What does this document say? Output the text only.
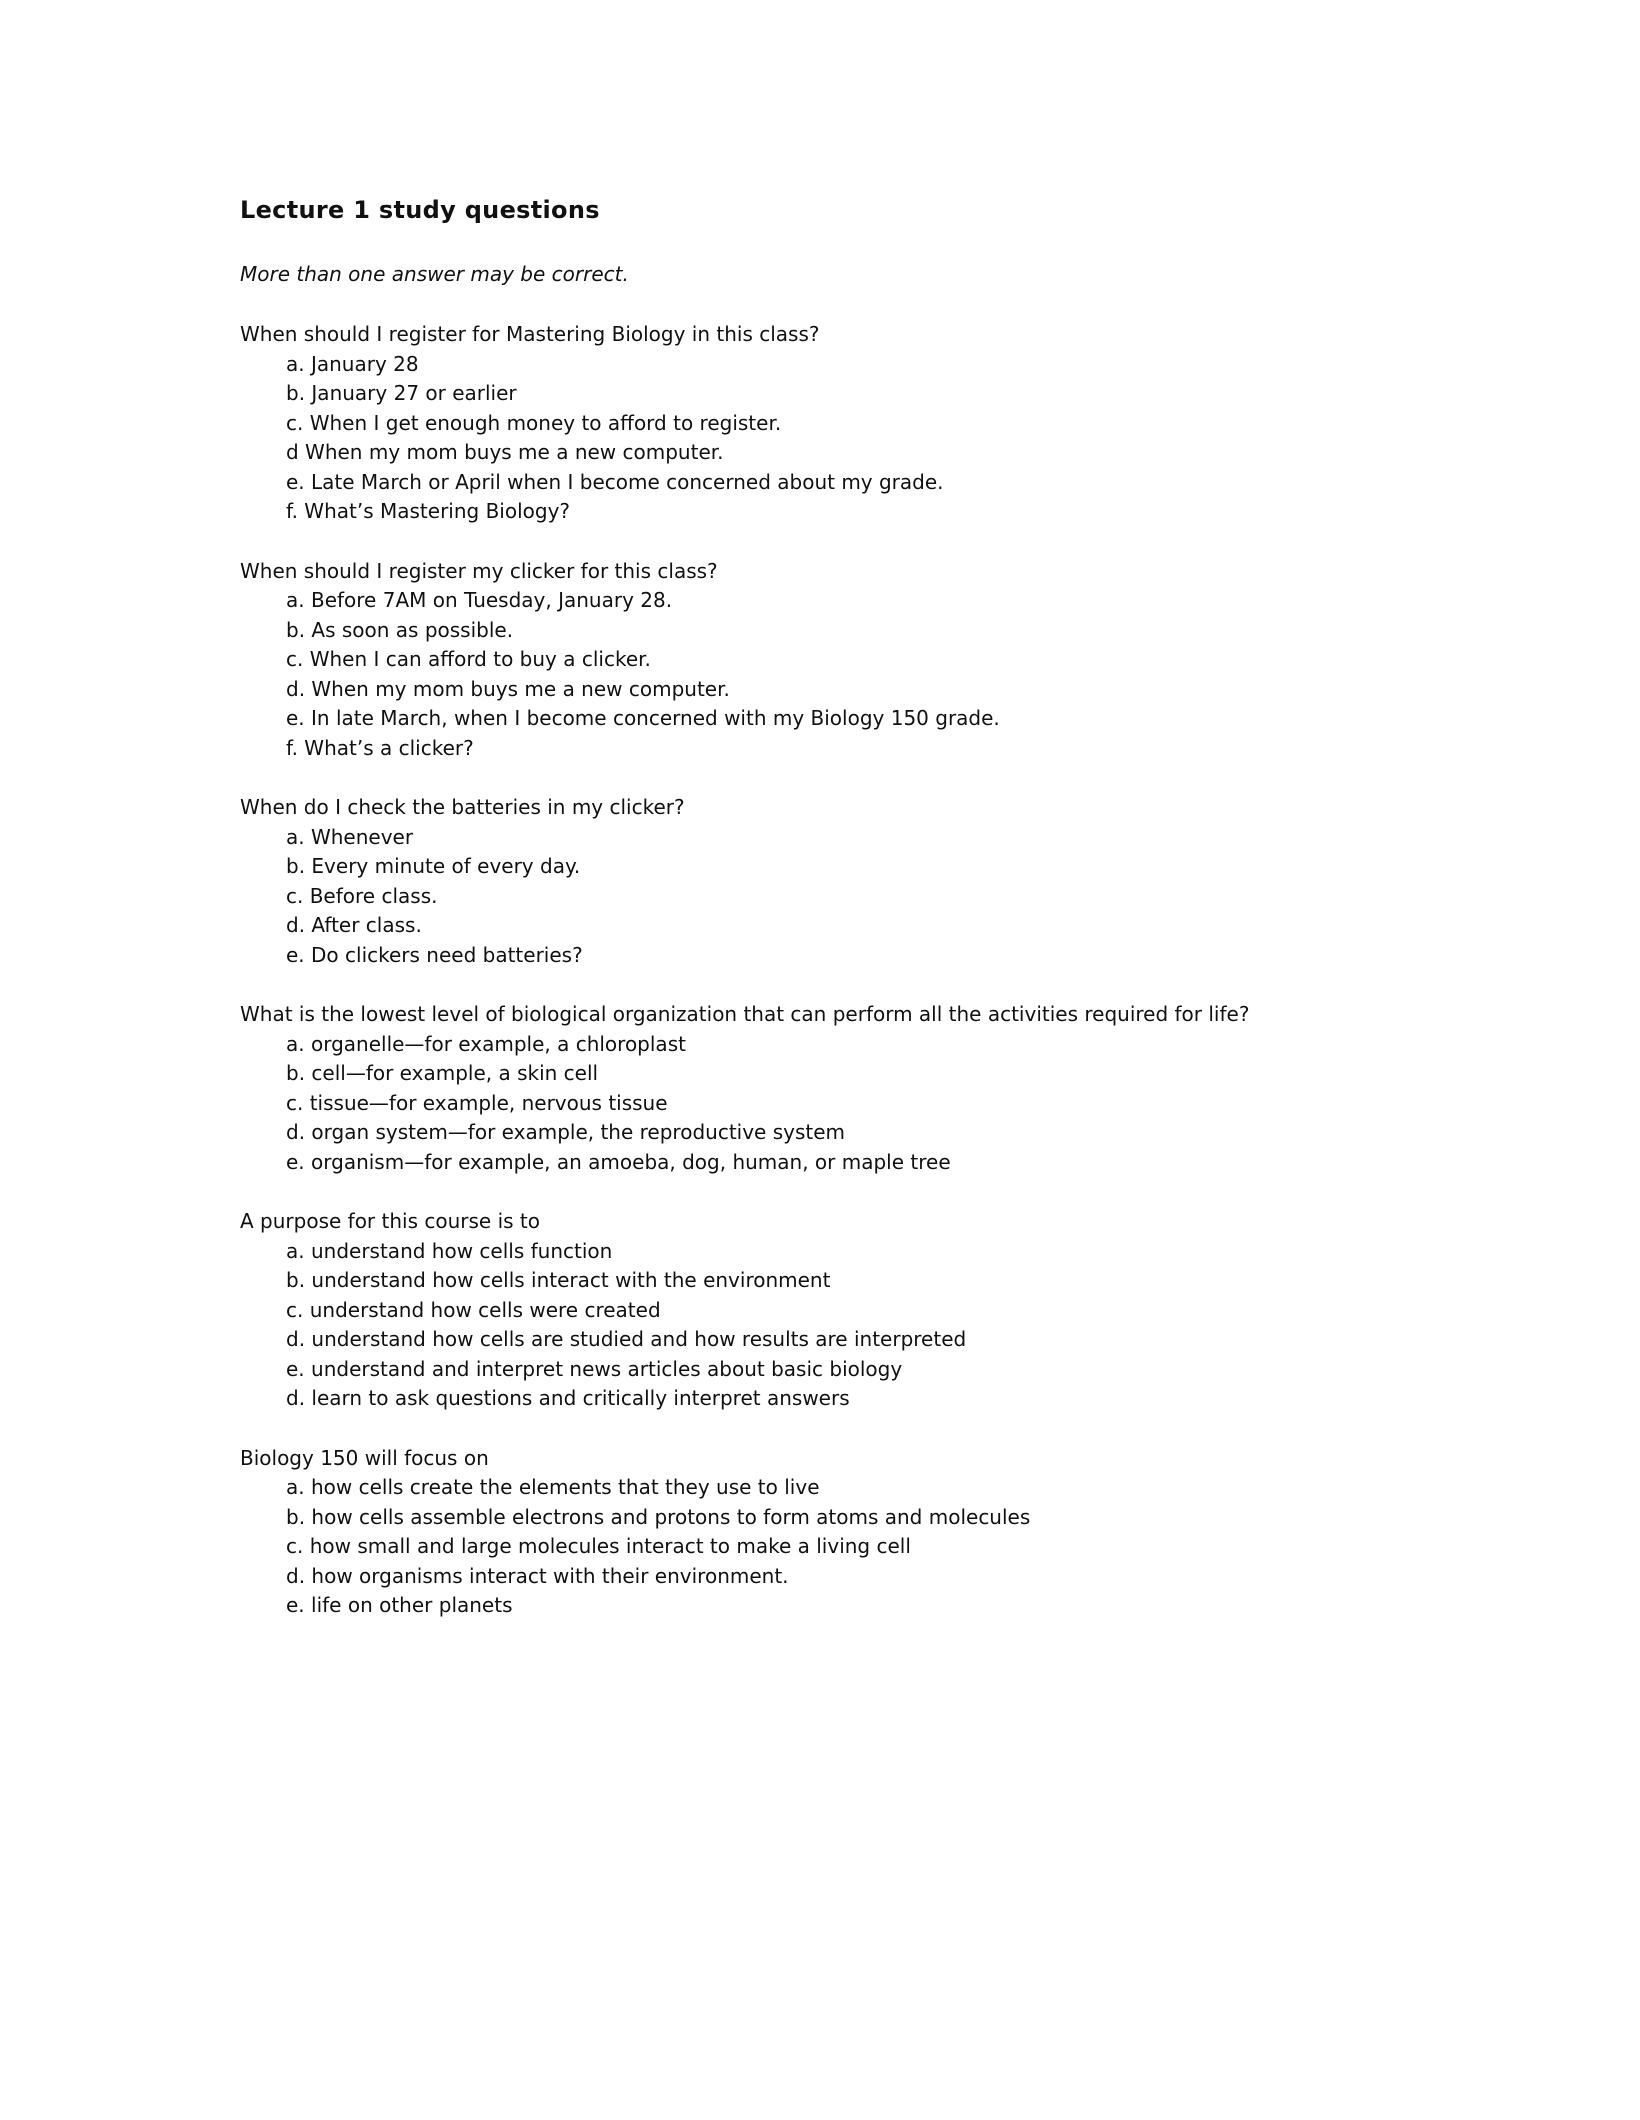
Lecture 1 study questions

More than one answer may be correct.

When should I register for Mastering Biology in this class?
a. January 28
b. January 27 or earlier
c. When I get enough money to afford to register.
d When my mom buys me a new computer.
e. Late March or April when I become concerned about my grade.
f. What’s Mastering Biology?
When should I register my clicker for this class?
a. Before 7AM on Tuesday, January 28.
b. As soon as possible.
c. When I can afford to buy a clicker.
d. When my mom buys me a new computer.
e. In late March, when I become concerned with my Biology 150 grade.
f. What’s a clicker?
When do I check the batteries in my clicker?
a. Whenever
b. Every minute of every day.
c. Before class.
d. After class.
e. Do clickers need batteries?
What is the lowest level of biological organization that can perform all the activities required for life?
a. organelle—for example, a chloroplast
b. cell—for example, a skin cell
c. tissue—for example, nervous tissue
d. organ system—for example, the reproductive system
e. organism—for example, an amoeba, dog, human, or maple tree
A purpose for this course is to
a. understand how cells function
b. understand how cells interact with the environment
c. understand how cells were created
d. understand how cells are studied and how results are interpreted
e. understand and interpret news articles about basic biology
d. learn to ask questions and critically interpret answers
Biology 150 will focus on
a. how cells create the elements that they use to live
b. how cells assemble electrons and protons to form atoms and molecules
c. how small and large molecules interact to make a living cell
d. how organisms interact with their environment.
e. life on other planets
